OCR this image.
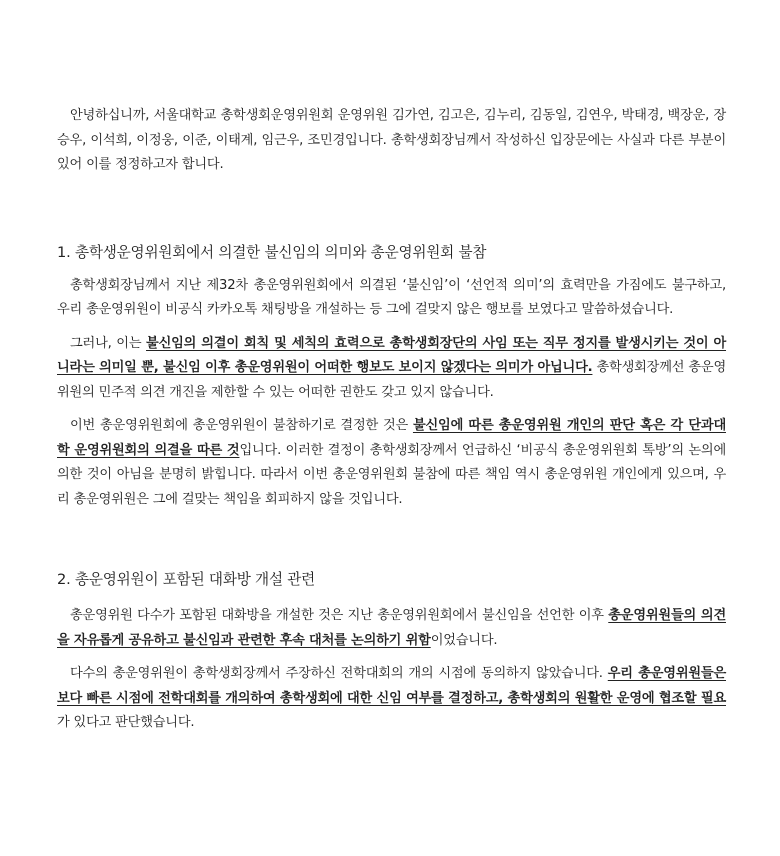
안녕하십니까, 서울대학교 총학생회운영위원회 운영위원 김가연, 김고은, 김누리, 김동일, 김연우, 박태경, 백장운, 장승우, 이석희, 이정웅, 이준, 이태계, 임근우, 조민경입니다. 총학생회장님께서 작성하신 입장문에는 사실과 다른 부분이 있어 이를 정정하고자 합니다.

1. 총학생운영위원회에서 의결한 불신임의 의미와 총운영위원회 불참

총학생회장님께서 지난 제32차 총운영위원회에서 의결된 ‘불신임’이 ‘선언적 의미’의 효력만을 가짐에도 불구하고, 우리 총운영위원이 비공식 카카오톡 채팅방을 개설하는 등 그에 걸맞지 않은 행보를 보였다고 말씀하셨습니다.

그러나, 이는 불신임의 의결이 회칙 및 세칙의 효력으로 총학생회장단의 사임 또는 직무 정지를 발생시키는 것이 아니라는 의미일 뿐, 불신임 이후 총운영위원이 어떠한 행보도 보이지 않겠다는 의미가 아닙니다. 총학생회장께선 총운영위원의 민주적 의견 개진을 제한할 수 있는 어떠한 권한도 갖고 있지 않습니다.

이번 총운영위원회에 총운영위원이 불참하기로 결정한 것은 불신임에 따른 총운영위원 개인의 판단 혹은 각 단과대학 운영위원회의 의결을 따른 것입니다. 이러한 결정이 총학생회장께서 언급하신 ‘비공식 총운영위원회 톡방’의 논의에 의한 것이 아님을 분명히 밝힙니다. 따라서 이번 총운영위원회 불참에 따른 책임 역시 총운영위원 개인에게 있으며, 우리 총운영위원은 그에 걸맞는 책임을 회피하지 않을 것입니다.

2. 총운영위원이 포함된 대화방 개설 관련

총운영위원 다수가 포함된 대화방을 개설한 것은 지난 총운영위원회에서 불신임을 선언한 이후 총운영위원들의 의견을 자유롭게 공유하고 불신임과 관련한 후속 대처를 논의하기 위함이었습니다.

다수의 총운영위원이 총학생회장께서 주장하신 전학대회의 개의 시점에 동의하지 않았습니다. 우리 총운영위원들은 보다 빠른 시점에 전학대회를 개의하여 총학생회에 대한 신임 여부를 결정하고, 총학생회의 원활한 운영에 협조할 필요가 있다고 판단했습니다.
